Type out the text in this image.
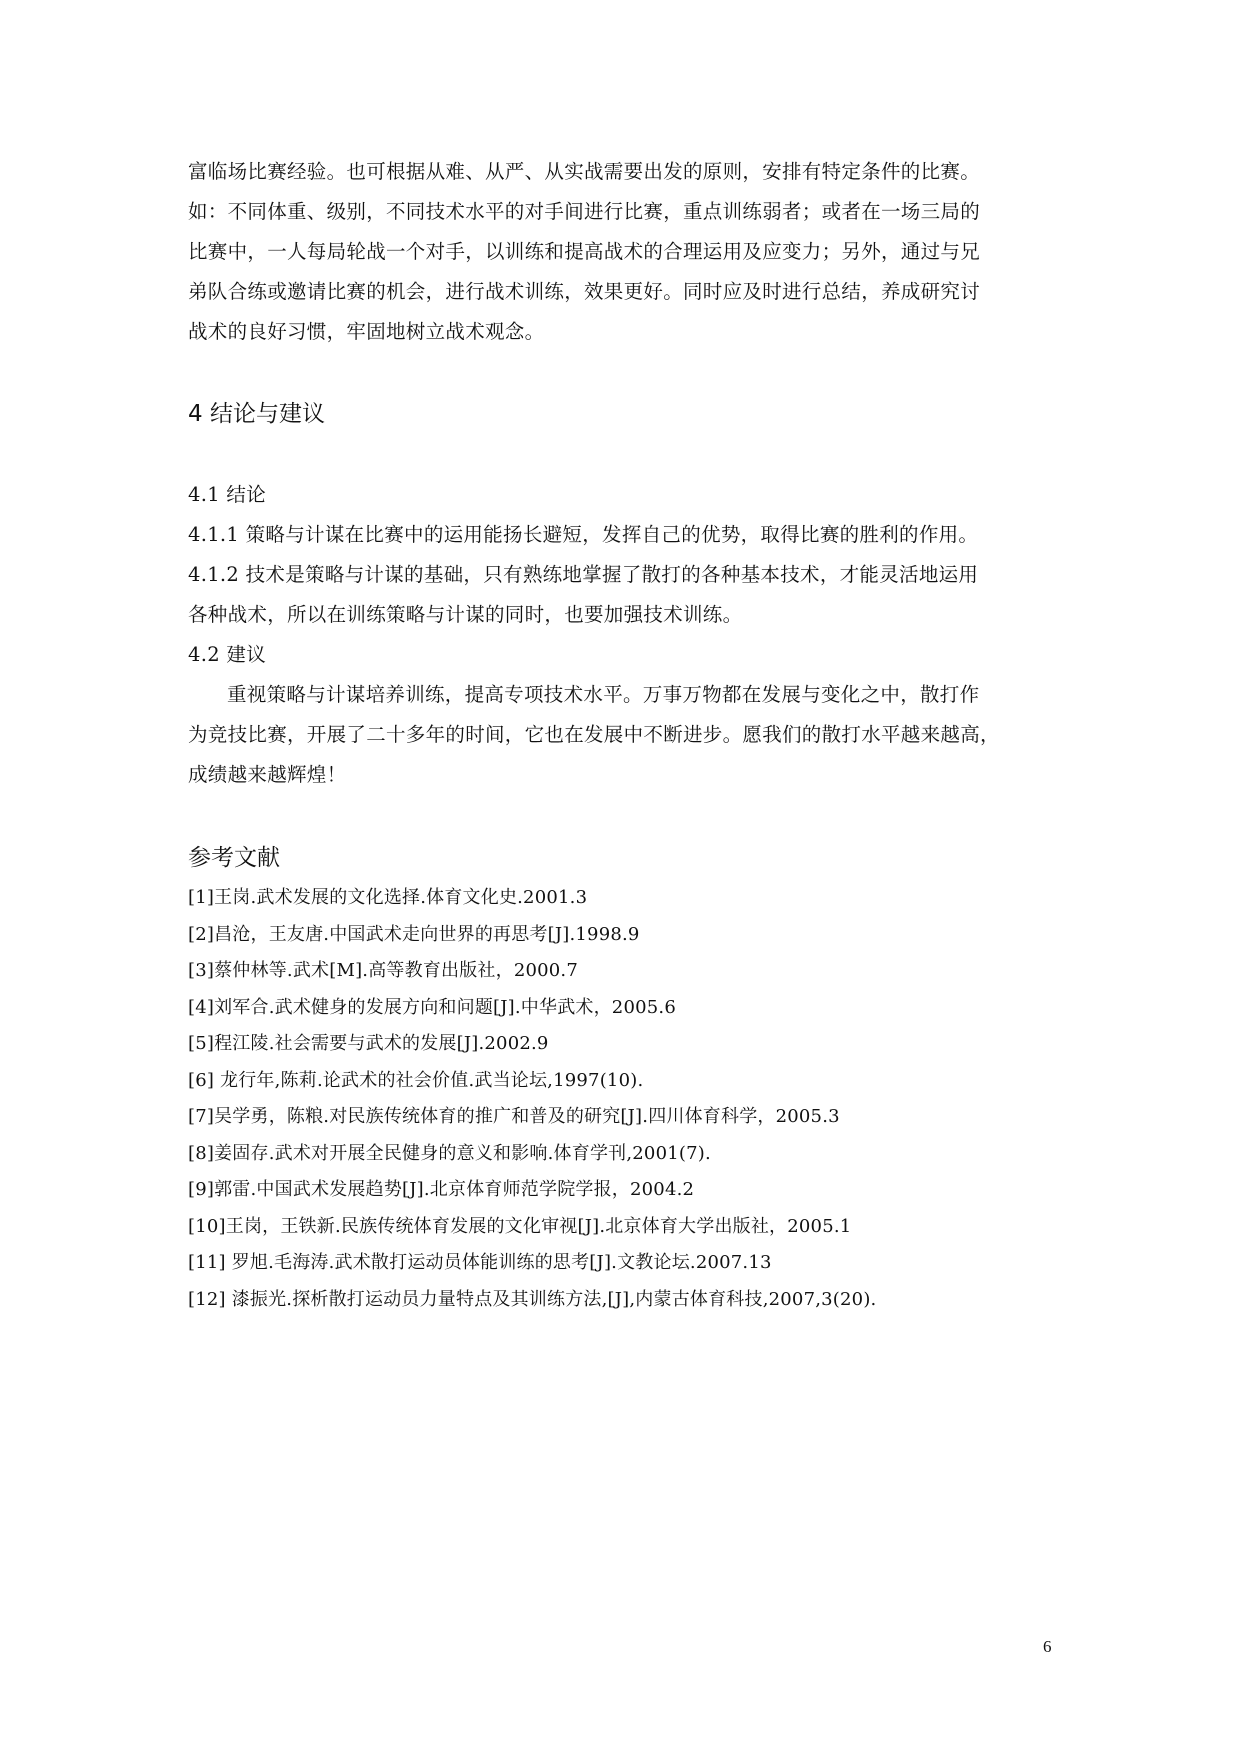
富临场比赛经验。也可根据从难、从严、从实战需要出发的原则，安排有特定条件的比赛。

如：不同体重、级别，不同技术水平的对手间进行比赛，重点训练弱者；或者在一场三局的

比赛中，一人每局轮战一个对手，以训练和提高战术的合理运用及应变力；另外，通过与兄

弟队合练或邀请比赛的机会，进行战术训练，效果更好。同时应及时进行总结，养成研究讨

战术的良好习惯，牢固地树立战术观念。

4 结论与建议

4.1 结论

4.1.1 策略与计谋在比赛中的运用能扬长避短，发挥自己的优势，取得比赛的胜利的作用。

4.1.2 技术是策略与计谋的基础，只有熟练地掌握了散打的各种基本技术，才能灵活地运用

各种战术，所以在训练策略与计谋的同时，也要加强技术训练。

4.2 建议

重视策略与计谋培养训练，提高专项技术水平。万事万物都在发展与变化之中，散打作

为竞技比赛，开展了二十多年的时间，它也在发展中不断进步。愿我们的散打水平越来越高，

成绩越来越辉煌！

参考文献
[1]王岗.武术发展的文化选择.体育文化史.2001.3
[2]昌沧，王友唐.中国武术走向世界的再思考[J].1998.9
[3]蔡仲林等.武术[M].高等教育出版社，2000.7
[4]刘军合.武术健身的发展方向和问题[J].中华武术，2005.6
[5]程江陵.社会需要与武术的发展[J].2002.9
[6] 龙行年,陈莉.论武术的社会价值.武当论坛,1997(10).
[7]吴学勇，陈粮.对民族传统体育的推广和普及的研究[J].四川体育科学，2005.3
[8]姜固存.武术对开展全民健身的意义和影响.体育学刊,2001(7).
[9]郭雷.中国武术发展趋势[J].北京体育师范学院学报，2004.2
[10]王岗，王铁新.民族传统体育发展的文化审视[J].北京体育大学出版社，2005.1
[11] 罗旭.毛海涛.武术散打运动员体能训练的思考[J].文教论坛.2007.13
[12] 漆振光.探析散打运动员力量特点及其训练方法,[J],内蒙古体育科技,2007,3(20).
6
